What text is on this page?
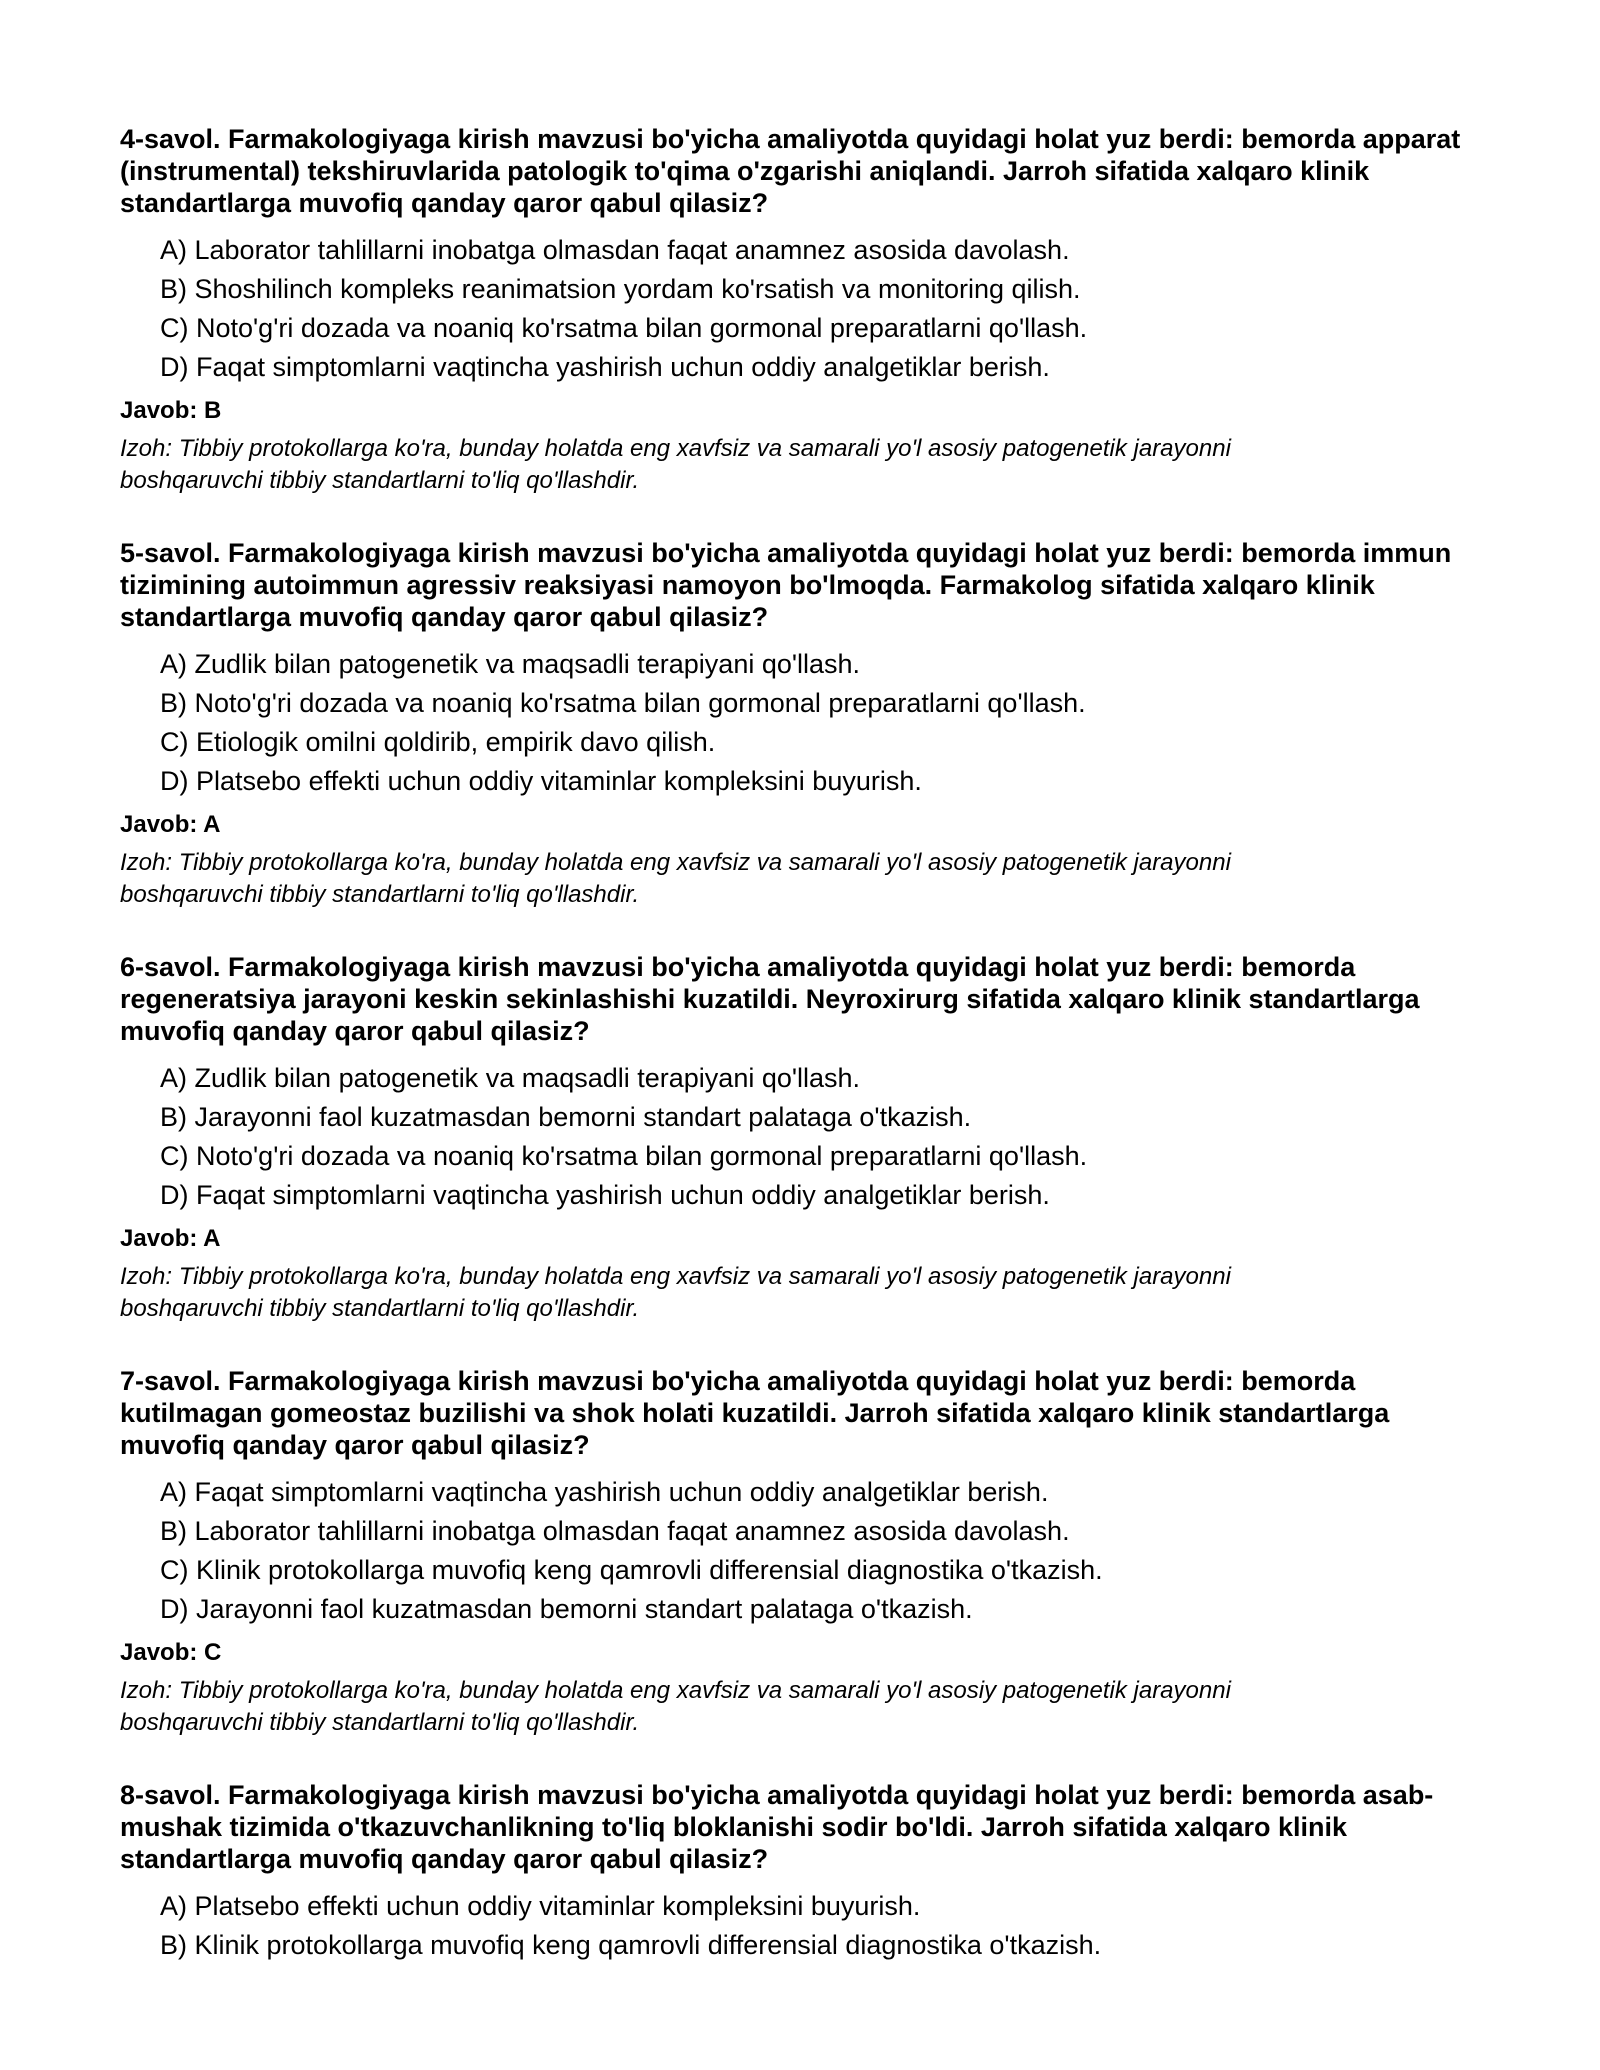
4-savol. Farmakologiyaga kirish mavzusi bo'yicha amaliyotda quyidagi holat yuz berdi: bemorda apparat (instrumental) tekshiruvlarida patologik to'qima o'zgarishi aniqlandi. Jarroh sifatida xalqaro klinik standartlarga muvofiq qanday qaror qabul qilasiz?

A) Laborator tahlillarni inobatga olmasdan faqat anamnez asosida davolash.
B) Shoshilinch kompleks reanimatsion yordam ko'rsatish va monitoring qilish.
C) Noto'g'ri dozada va noaniq ko'rsatma bilan gormonal preparatlarni qo'llash.
D) Faqat simptomlarni vaqtincha yashirish uchun oddiy analgetiklar berish.

Javob: B

Izoh: Tibbiy protokollarga ko'ra, bunday holatda eng xavfsiz va samarali yo'l asosiy patogenetik jarayonni boshqaruvchi tibbiy standartlarni to'liq qo'llashdir.

5-savol. Farmakologiyaga kirish mavzusi bo'yicha amaliyotda quyidagi holat yuz berdi: bemorda immun tizimining autoimmun agressiv reaksiyasi namoyon bo'lmoqda. Farmakolog sifatida xalqaro klinik standartlarga muvofiq qanday qaror qabul qilasiz?

A) Zudlik bilan patogenetik va maqsadli terapiyani qo'llash.
B) Noto'g'ri dozada va noaniq ko'rsatma bilan gormonal preparatlarni qo'llash.
C) Etiologik omilni qoldirib, empirik davo qilish.
D) Platsebo effekti uchun oddiy vitaminlar kompleksini buyurish.

Javob: A

Izoh: Tibbiy protokollarga ko'ra, bunday holatda eng xavfsiz va samarali yo'l asosiy patogenetik jarayonni boshqaruvchi tibbiy standartlarni to'liq qo'llashdir.

6-savol. Farmakologiyaga kirish mavzusi bo'yicha amaliyotda quyidagi holat yuz berdi: bemorda regeneratsiya jarayoni keskin sekinlashishi kuzatildi. Neyroxirurg sifatida xalqaro klinik standartlarga muvofiq qanday qaror qabul qilasiz?

A) Zudlik bilan patogenetik va maqsadli terapiyani qo'llash.
B) Jarayonni faol kuzatmasdan bemorni standart palataga o'tkazish.
C) Noto'g'ri dozada va noaniq ko'rsatma bilan gormonal preparatlarni qo'llash.
D) Faqat simptomlarni vaqtincha yashirish uchun oddiy analgetiklar berish.

Javob: A

Izoh: Tibbiy protokollarga ko'ra, bunday holatda eng xavfsiz va samarali yo'l asosiy patogenetik jarayonni boshqaruvchi tibbiy standartlarni to'liq qo'llashdir.

7-savol. Farmakologiyaga kirish mavzusi bo'yicha amaliyotda quyidagi holat yuz berdi: bemorda kutilmagan gomeostaz buzilishi va shok holati kuzatildi. Jarroh sifatida xalqaro klinik standartlarga muvofiq qanday qaror qabul qilasiz?

A) Faqat simptomlarni vaqtincha yashirish uchun oddiy analgetiklar berish.
B) Laborator tahlillarni inobatga olmasdan faqat anamnez asosida davolash.
C) Klinik protokollarga muvofiq keng qamrovli differensial diagnostika o'tkazish.
D) Jarayonni faol kuzatmasdan bemorni standart palataga o'tkazish.

Javob: C

Izoh: Tibbiy protokollarga ko'ra, bunday holatda eng xavfsiz va samarali yo'l asosiy patogenetik jarayonni boshqaruvchi tibbiy standartlarni to'liq qo'llashdir.

8-savol. Farmakologiyaga kirish mavzusi bo'yicha amaliyotda quyidagi holat yuz berdi: bemorda asab-mushak tizimida o'tkazuvchanlikning to'liq bloklanishi sodir bo'ldi. Jarroh sifatida xalqaro klinik standartlarga muvofiq qanday qaror qabul qilasiz?

A) Platsebo effekti uchun oddiy vitaminlar kompleksini buyurish.
B) Klinik protokollarga muvofiq keng qamrovli differensial diagnostika o'tkazish.
